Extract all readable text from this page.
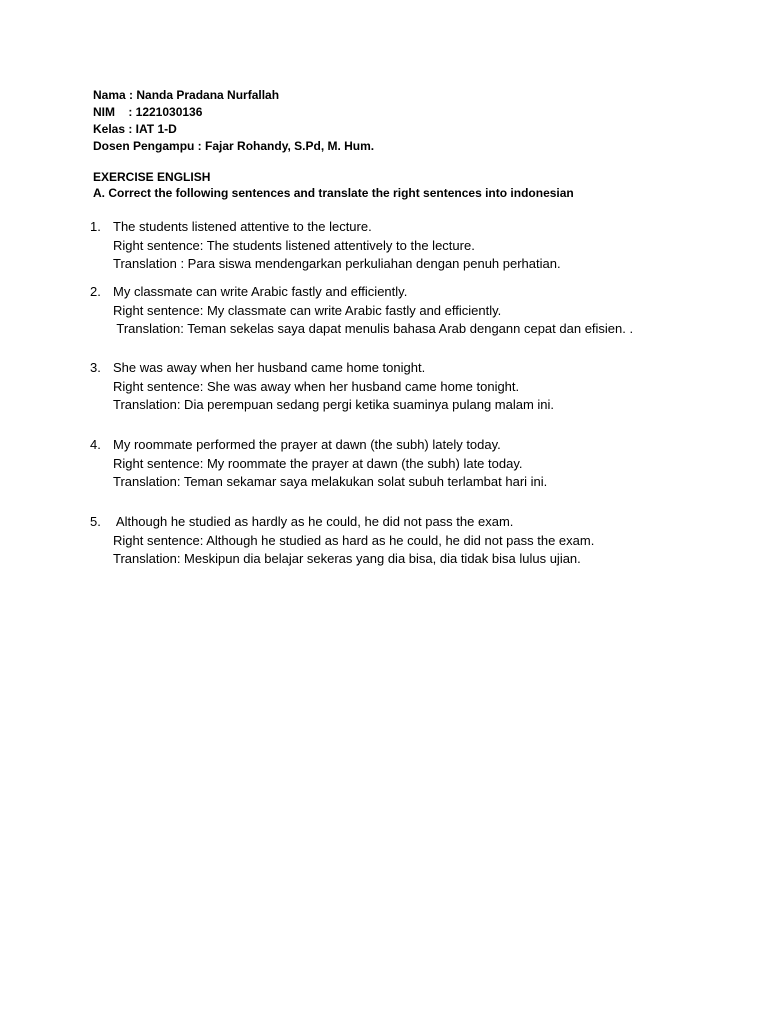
Nama : Nanda Pradana Nurfallah
NIM    : 1221030136
Kelas : IAT 1-D
Dosen Pengampu : Fajar Rohandy, S.Pd, M. Hum.
EXERCISE ENGLISH
A. Correct the following sentences and translate the right sentences into indonesian
1. The students listened attentive to the lecture.
Right sentence: The students listened attentively to the lecture.
Translation : Para siswa mendengarkan perkuliahan dengan penuh perhatian.
2. My classmate can write Arabic fastly and efficiently.
Right sentence: My classmate can write Arabic fastly and efficiently.
Translation: Teman sekelas saya dapat menulis bahasa Arab dengann cepat dan efisien. .
3. She was away when her husband came home tonight.
Right sentence: She was away when her husband came home tonight.
Translation: Dia perempuan sedang pergi ketika suaminya pulang malam ini.
4. My roommate performed the prayer at dawn (the subh) lately today.
Right sentence: My roommate the prayer at dawn (the subh) late today.
Translation: Teman sekamar saya melakukan solat subuh terlambat hari ini.
5. Although he studied as hardly as he could, he did not pass the exam.
Right sentence: Although he studied as hard as he could, he did not pass the exam.
Translation: Meskipun dia belajar sekeras yang dia bisa, dia tidak bisa lulus ujian.
